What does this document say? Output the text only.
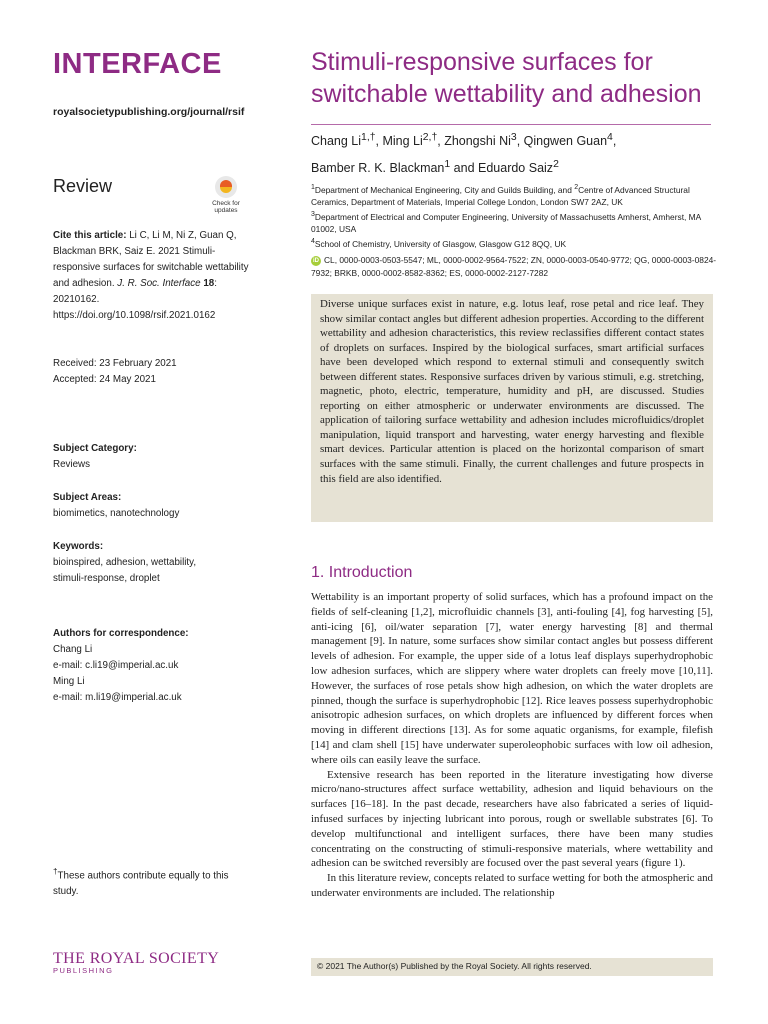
INTERFACE
royalsocietypublishing.org/journal/rsif
Review
Check for
updates
Cite this article: Li C, Li M, Ni Z, Guan Q, Blackman BRK, Saiz E. 2021 Stimuli-responsive surfaces for switchable wettability and adhesion. J. R. Soc. Interface 18: 20210162. https://doi.org/10.1098/rsif.2021.0162
Received: 23 February 2021
Accepted: 24 May 2021
Subject Category:
Reviews
Subject Areas:
biomimetics, nanotechnology
Keywords:
bioinspired, adhesion, wettability,
stimuli-response, droplet
Authors for correspondence:
Chang Li
e-mail: c.li19@imperial.ac.uk
Ming Li
e-mail: m.li19@imperial.ac.uk
†These authors contribute equally to this study.
THE ROYAL SOCIETY
PUBLISHING
Stimuli-responsive surfaces for switchable wettability and adhesion
Chang $Li^{1,\dagger}$, Ming $Li^{2,\dagger}$, Zhongshi Ni$^3$, Qingwen Guan$^4$,
Bamber R. K. Blackman$^1$ and Eduardo Saiz$^2$
$^1$Department of Mechanical Engineering, City and Guilds Building, and $^2$Centre of Advanced Structural Ceramics, Department of Materials, Imperial College London, London SW7 2AZ, UK
$^3$Department of Electrical and Computer Engineering, University of Massachusetts Amherst, Amherst, MA 01002, USA
$^4$School of Chemistry, University of Glasgow, Glasgow G12 8QQ, UK
iD CL, 0000-0003-0503-5547; ML, 0000-0002-9564-7522; ZN, 0000-0003-0540-9772; QG, 0000-0003-0824-7932; BRKB, 0000-0002-8582-8362; ES, 0000-0002-2127-7282

Diverse unique surfaces exist in nature, e.g. lotus leaf, rose petal and rice leaf. They show similar contact angles but different adhesion properties. According to the different wettability and adhesion characteristics, this review reclassifies different contact states of droplets on surfaces. Inspired by the biological surfaces, smart artificial surfaces have been developed which respond to external stimuli and consequently switch between different states. Responsive surfaces driven by various stimuli, e.g. stretching, magnetic, photo, electric, temperature, humidity and pH, are discussed. Studies reporting on either atmospheric or underwater environments are discussed. The application of tailoring surface wettability and adhesion includes microfluidics/droplet manipulation, liquid transport and harvesting, water energy harvesting and flexible smart devices. Particular attention is placed on the horizontal comparison of smart surfaces with the same stimuli. Finally, the current challenges and future prospects in this field are also identified.

1. Introduction

Wettability is an important property of solid surfaces, which has a profound impact on the fields of self-cleaning [1,2], microfluidic channels [3], anti-fouling [4], fog harvesting [5], anti-icing [6], oil/water separation [7], water energy harvesting [8] and thermal management [9]. In nature, some surfaces show similar contact angles but possess different levels of adhesion. For example, the upper side of a lotus leaf displays superhydrophobic low adhesion surfaces, which are slippery where water droplets can freely move [10,11]. However, the surfaces of rose petals show high adhesion, on which the water droplets are pinned, though the surface is superhydrophobic [12]. Rice leaves possess superhydrophobic anisotropic adhesion surfaces, on which droplets are influenced by different forces when moving in different directions [13]. As for some aquatic organisms, for example, filefish [14] and clam shell [15] have underwater superoleophobic surfaces with low oil adhesion, where oils can easily leave the surface.

Extensive research has been reported in the literature investigating how diverse micro/nano-structures affect surface wettability, adhesion and liquid behaviours on the surfaces [16–18]. In the past decade, researchers have also fabricated a series of liquid-infused surfaces by injecting lubricant into porous, rough or swellable substrates [6]. To develop multifunctional and intelligent surfaces, there have been many studies concentrating on the constructing of stimuli-responsive materials, where wettability and adhesion can be switched reversibly are focused over the past several years (figure 1).

In this literature review, concepts related to surface wetting for both the atmospheric and underwater environments are included. The relationship

© 2021 The Author(s) Published by the Royal Society. All rights reserved.
